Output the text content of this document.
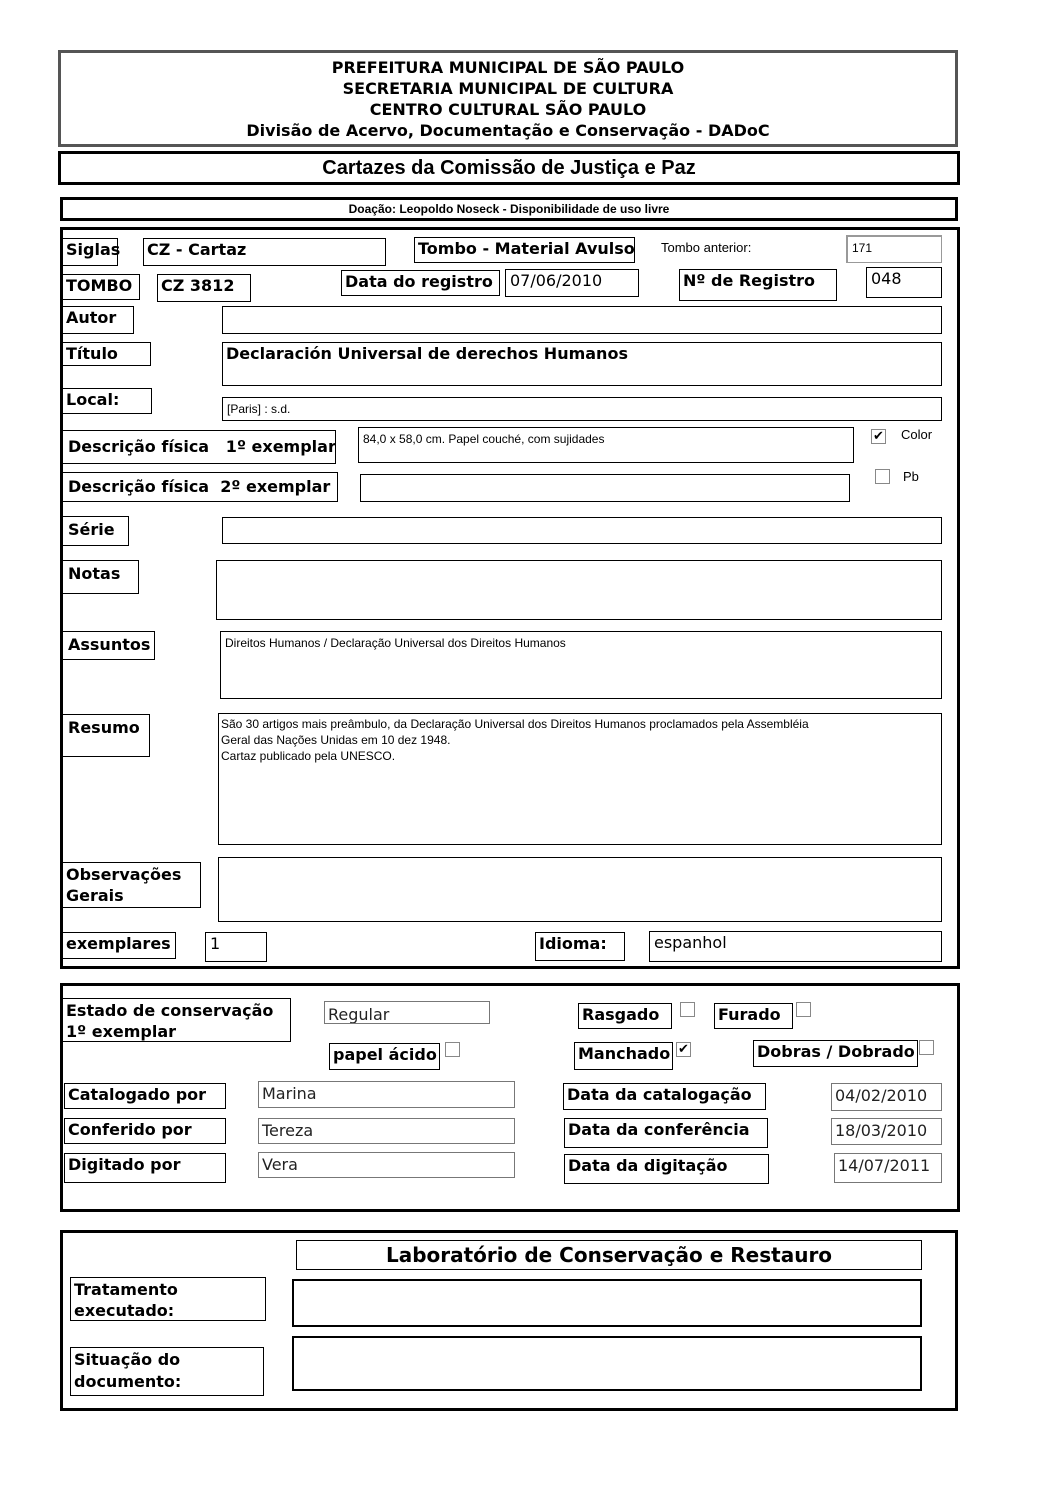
PREFEITURA MUNICIPAL DE SÃO PAULO
SECRETARIA MUNICIPAL DE CULTURA
CENTRO CULTURAL SÃO PAULO
Divisão de Acervo, Documentação e Conservação - DADoC
Cartazes da Comissão de Justiça e Paz
Doação: Leopoldo Noseck - Disponibilidade de uso livre
Siglas CZ - Cartaz	Tombo - Material Avulso Tombo anterior:	171
TOMBO	CZ 3812	Data do registro	07/06/2010	Nº de Registro	048
Autor
Título	Declaración Universal de derechos Humanos
Local:	[Paris] : s.d.
Descrição física   1º exemplar	84,0 x 58,0 cm. Papel couché, com sujidades	✔ Color
Descrição física  2º exemplar
Pb
Série
Notas
Assuntos	Direitos Humanos / Declaração Universal dos Direitos Humanos
Resumo	São 30 artigos mais preâmbulo, da Declaração Universal dos Direitos Humanos proclamados pela Assembléia
Geral das Nações Unidas em 10 dez 1948.
Cartaz publicado pela UNESCO.
Observações
Gerais
exemplares	1	Idioma:	espanhol
Estado de conservação
1º exemplar
Regular	Rasgado	Furado
papel ácido	Manchado ✔	Dobras / Dobrado
Catalogado por	Marina	Data da catalogação	04/02/2010
Conferido por	Tereza	Data da conferência	18/03/2010
Digitado por	Vera	Data da digitação	14/07/2011
Laboratório de Conservação e Restauro
Tratamento
executado:
Situação do
documento:
